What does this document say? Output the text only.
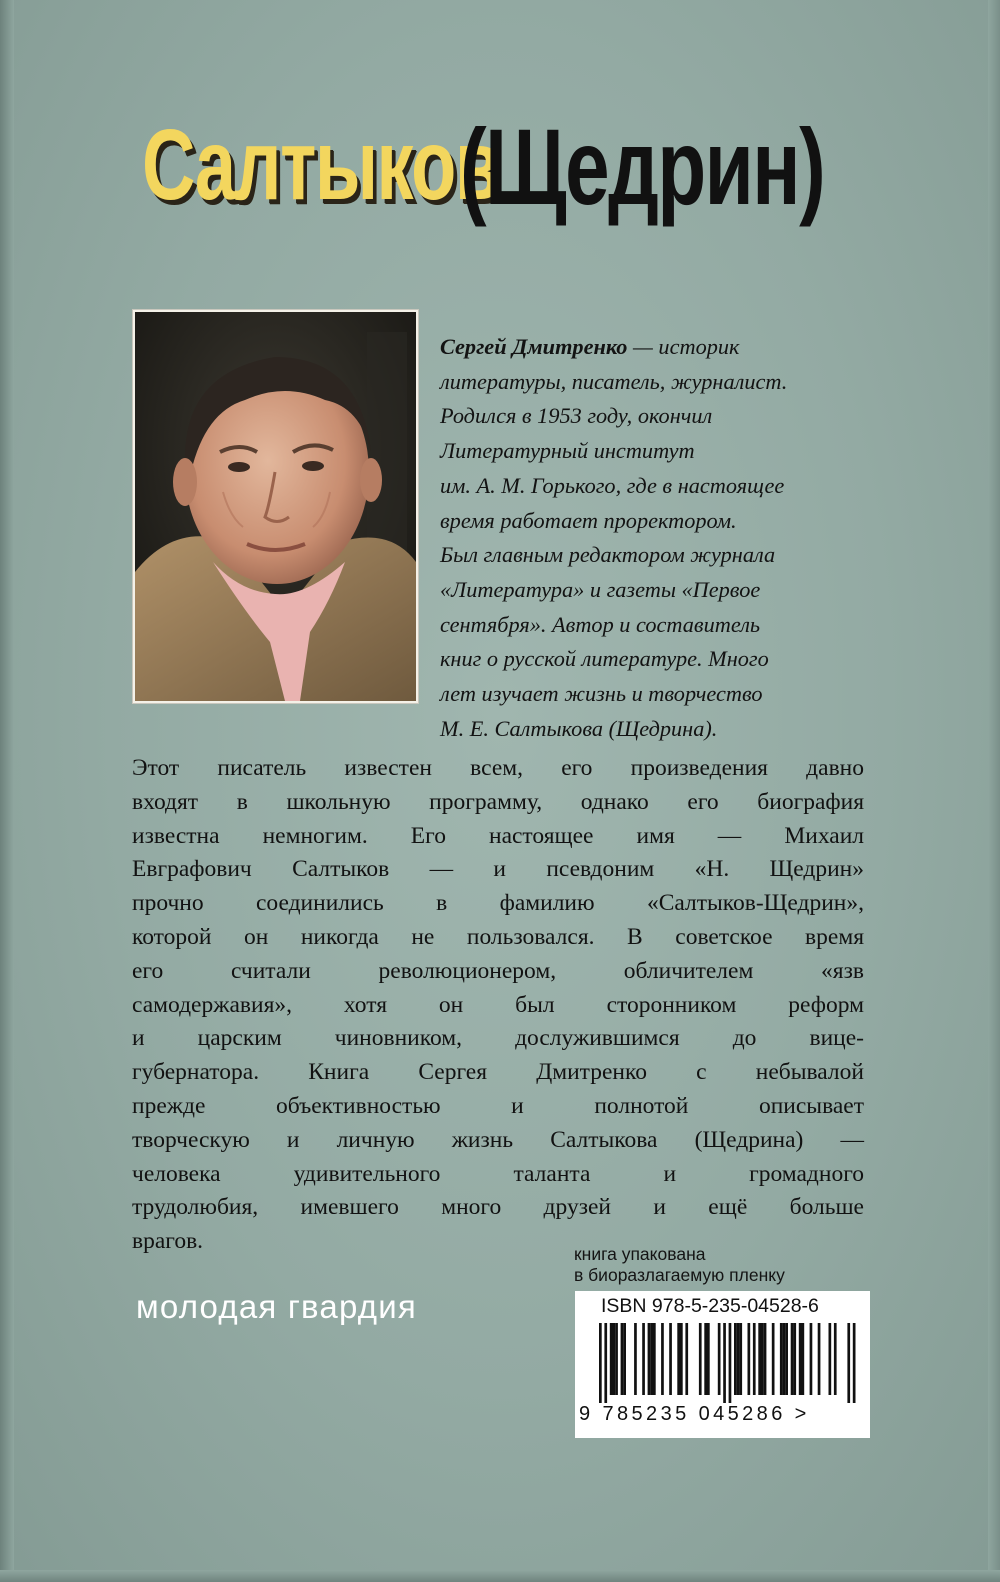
Салтыков
(Щедрин)
Сергей Дмитренко — историк
литературы, писатель, журналист.
Родился в 1953 году, окончил
Литературный институт
им. А. М. Горького, где в настоящее
время работает проректором.
Был главным редактором журнала
«Литература» и газеты «Первое
сентября». Автор и составитель
книг о русской литературе. Много
лет изучает жизнь и творчество
М. Е. Салтыкова (Щедрина).
Этот писатель известен всем, его произведения давно
входят в школьную программу, однако его биография
известна немногим. Его настоящее имя — Михаил
Евграфович Салтыков — и псевдоним «Н. Щедрин»
прочно соединились в фамилию «Салтыков-Щедрин»,
которой он никогда не пользовался. В советское время
его считали революционером, обличителем «язв
самодержавия», хотя он был сторонником реформ
и царским чиновником, дослужившимся до вице-
губернатора. Книга Сергея Дмитренко с небывалой
прежде объективностью и полнотой описывает
творческую и личную жизнь Салтыкова (Щедрина) —
человека удивительного таланта и громадного
трудолюбия, имевшего много друзей и ещё больше
врагов.	книга упакована
в биоразлагаемую пленку
молодая гвардия	ISBN 978-5-235-04528-6
9 785235 045286 >
